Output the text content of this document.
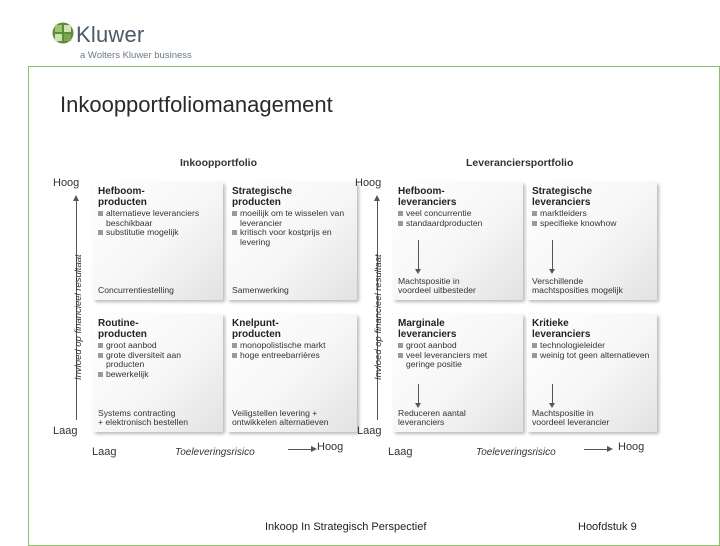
Kluwer
a Wolters Kluwer business
Inkoopportfoliomanagement
Inkoopportfolio
Hoog
Invloed op financieel resultaat
Laag
Laag	Toeleveringsrisico	Hoog
Hefboom-
producten
alternatieve leveranciers beschikbaar
substitutie mogelijk
Concurrentiestelling
Strategische
producten
moeilijk om te wisselen van leverancier
kritisch voor kostprijs en levering
Samenwerking
Routine-
producten
groot aanbod
grote diversiteit aan producten
bewerkelijk
Systems contracting
+ elektronisch bestellen
Knelpunt-
producten
monopolistische markt
hoge entreebarrières
Veiligstellen levering +
ontwikkelen alternatieven
Leveranciersportfolio
Hoog
Invloed op financieel resultaat
Laag
Laag	Toeleveringsrisico	Hoog
Hefboom-
leveranciers
veel concurrentie
standaardproducten
Machtspositie in
voordeel uitbesteder
Strategische
leveranciers
marktleiders
specifieke knowhow
Verschillende
machtsposities mogelijk
Marginale
leveranciers
groot aanbod
veel leveranciers met geringe positie
Reduceren aantal
leveranciers
Kritieke
leveranciers
technologieleider
weinig tot geen alternatieven
Machtspositie in
voordeel leverancier
Inkoop In Strategisch Perspectief	Hoofdstuk 9
